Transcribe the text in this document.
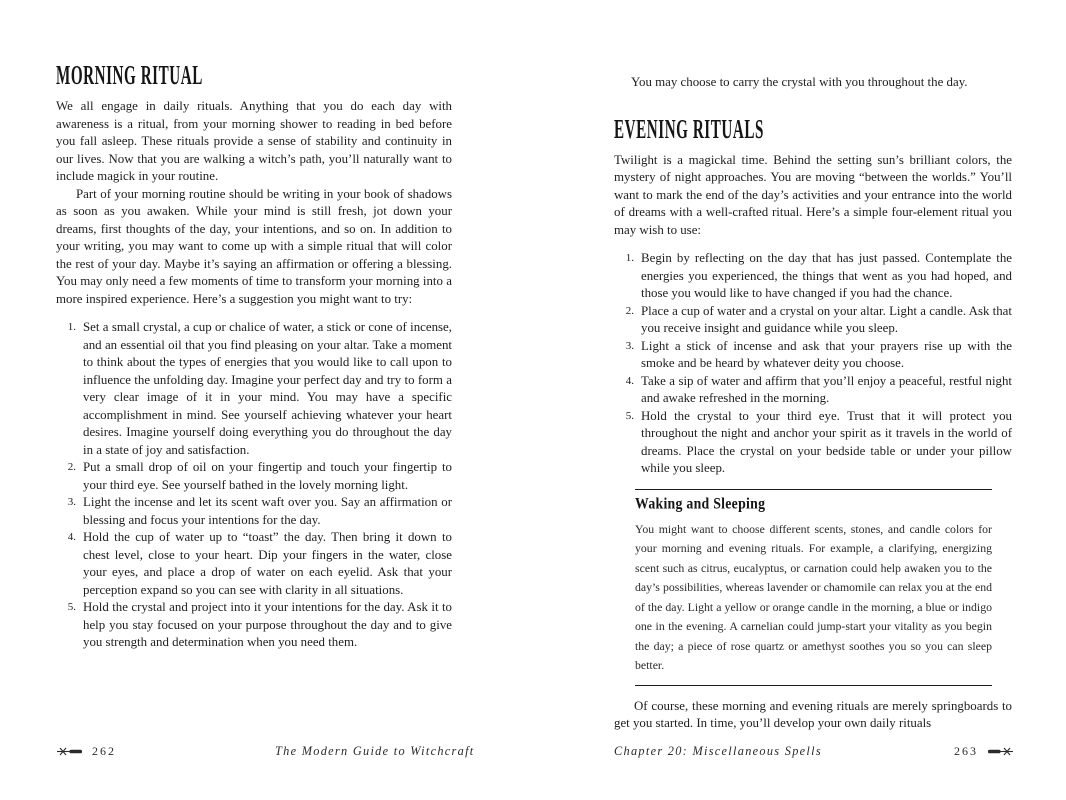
MORNING RITUAL

We all engage in daily rituals. Anything that you do each day with awareness is a ritual, from your morning shower to reading in bed before you fall asleep. These rituals provide a sense of stability and continuity in our lives. Now that you are walking a witch’s path, you’ll naturally want to include magick in your routine.

Part of your morning routine should be writing in your book of shadows as soon as you awaken. While your mind is still fresh, jot down your dreams, first thoughts of the day, your intentions, and so on. In addition to your writing, you may want to come up with a simple ritual that will color the rest of your day. Maybe it’s saying an affirmation or offering a blessing. You may only need a few moments of time to transform your morning into a more inspired experience. Here’s a suggestion you might want to try:

1. Set a small crystal, a cup or chalice of water, a stick or cone of incense, and an essential oil that you find pleasing on your altar. Take a moment to think about the types of energies that you would like to call upon to influence the unfolding day. Imagine your perfect day and try to form a very clear image of it in your mind. You may have a specific accomplishment in mind. See yourself achieving whatever your heart desires. Imagine yourself doing everything you do throughout the day in a state of joy and satisfaction.
2. Put a small drop of oil on your fingertip and touch your fingertip to your third eye. See yourself bathed in the lovely morning light.
3. Light the incense and let its scent waft over you. Say an affirmation or blessing and focus your intentions for the day.
4. Hold the cup of water up to “toast” the day. Then bring it down to chest level, close to your heart. Dip your fingers in the water, close your eyes, and place a drop of water on each eyelid. Ask that your perception expand so you can see with clarity in all situations.
5. Hold the crystal and project into it your intentions for the day. Ask it to help you stay focused on your purpose throughout the day and to give you strength and determination when you need them.

You may choose to carry the crystal with you throughout the day.

EVENING RITUALS

Twilight is a magickal time. Behind the setting sun’s brilliant colors, the mystery of night approaches. You are moving “between the worlds.” You’ll want to mark the end of the day’s activities and your entrance into the world of dreams with a well-crafted ritual. Here’s a simple four-element ritual you may wish to use:

1. Begin by reflecting on the day that has just passed. Contemplate the energies you experienced, the things that went as you had hoped, and those you would like to have changed if you had the chance.
2. Place a cup of water and a crystal on your altar. Light a candle. Ask that you receive insight and guidance while you sleep.
3. Light a stick of incense and ask that your prayers rise up with the smoke and be heard by whatever deity you choose.
4. Take a sip of water and affirm that you’ll enjoy a peaceful, restful night and awake refreshed in the morning.
5. Hold the crystal to your third eye. Trust that it will protect you throughout the night and anchor your spirit as it travels in the world of dreams. Place the crystal on your bedside table or under your pillow while you sleep.
Waking and Sleeping

You might want to choose different scents, stones, and candle colors for your morning and evening rituals. For example, a clarifying, energizing scent such as citrus, eucalyptus, or carnation could help awaken you to the day’s possibilities, whereas lavender or chamomile can relax you at the end of the day. Light a yellow or orange candle in the morning, a blue or indigo one in the evening. A carnelian could jump-start your vitality as you begin the day; a piece of rose quartz or amethyst soothes you so you can sleep better.

Of course, these morning and evening rituals are merely springboards to get you started. In time, you’ll develop your own daily rituals

262	The Modern Guide to Witchcraft	Chapter 20: Miscellaneous Spells	263
